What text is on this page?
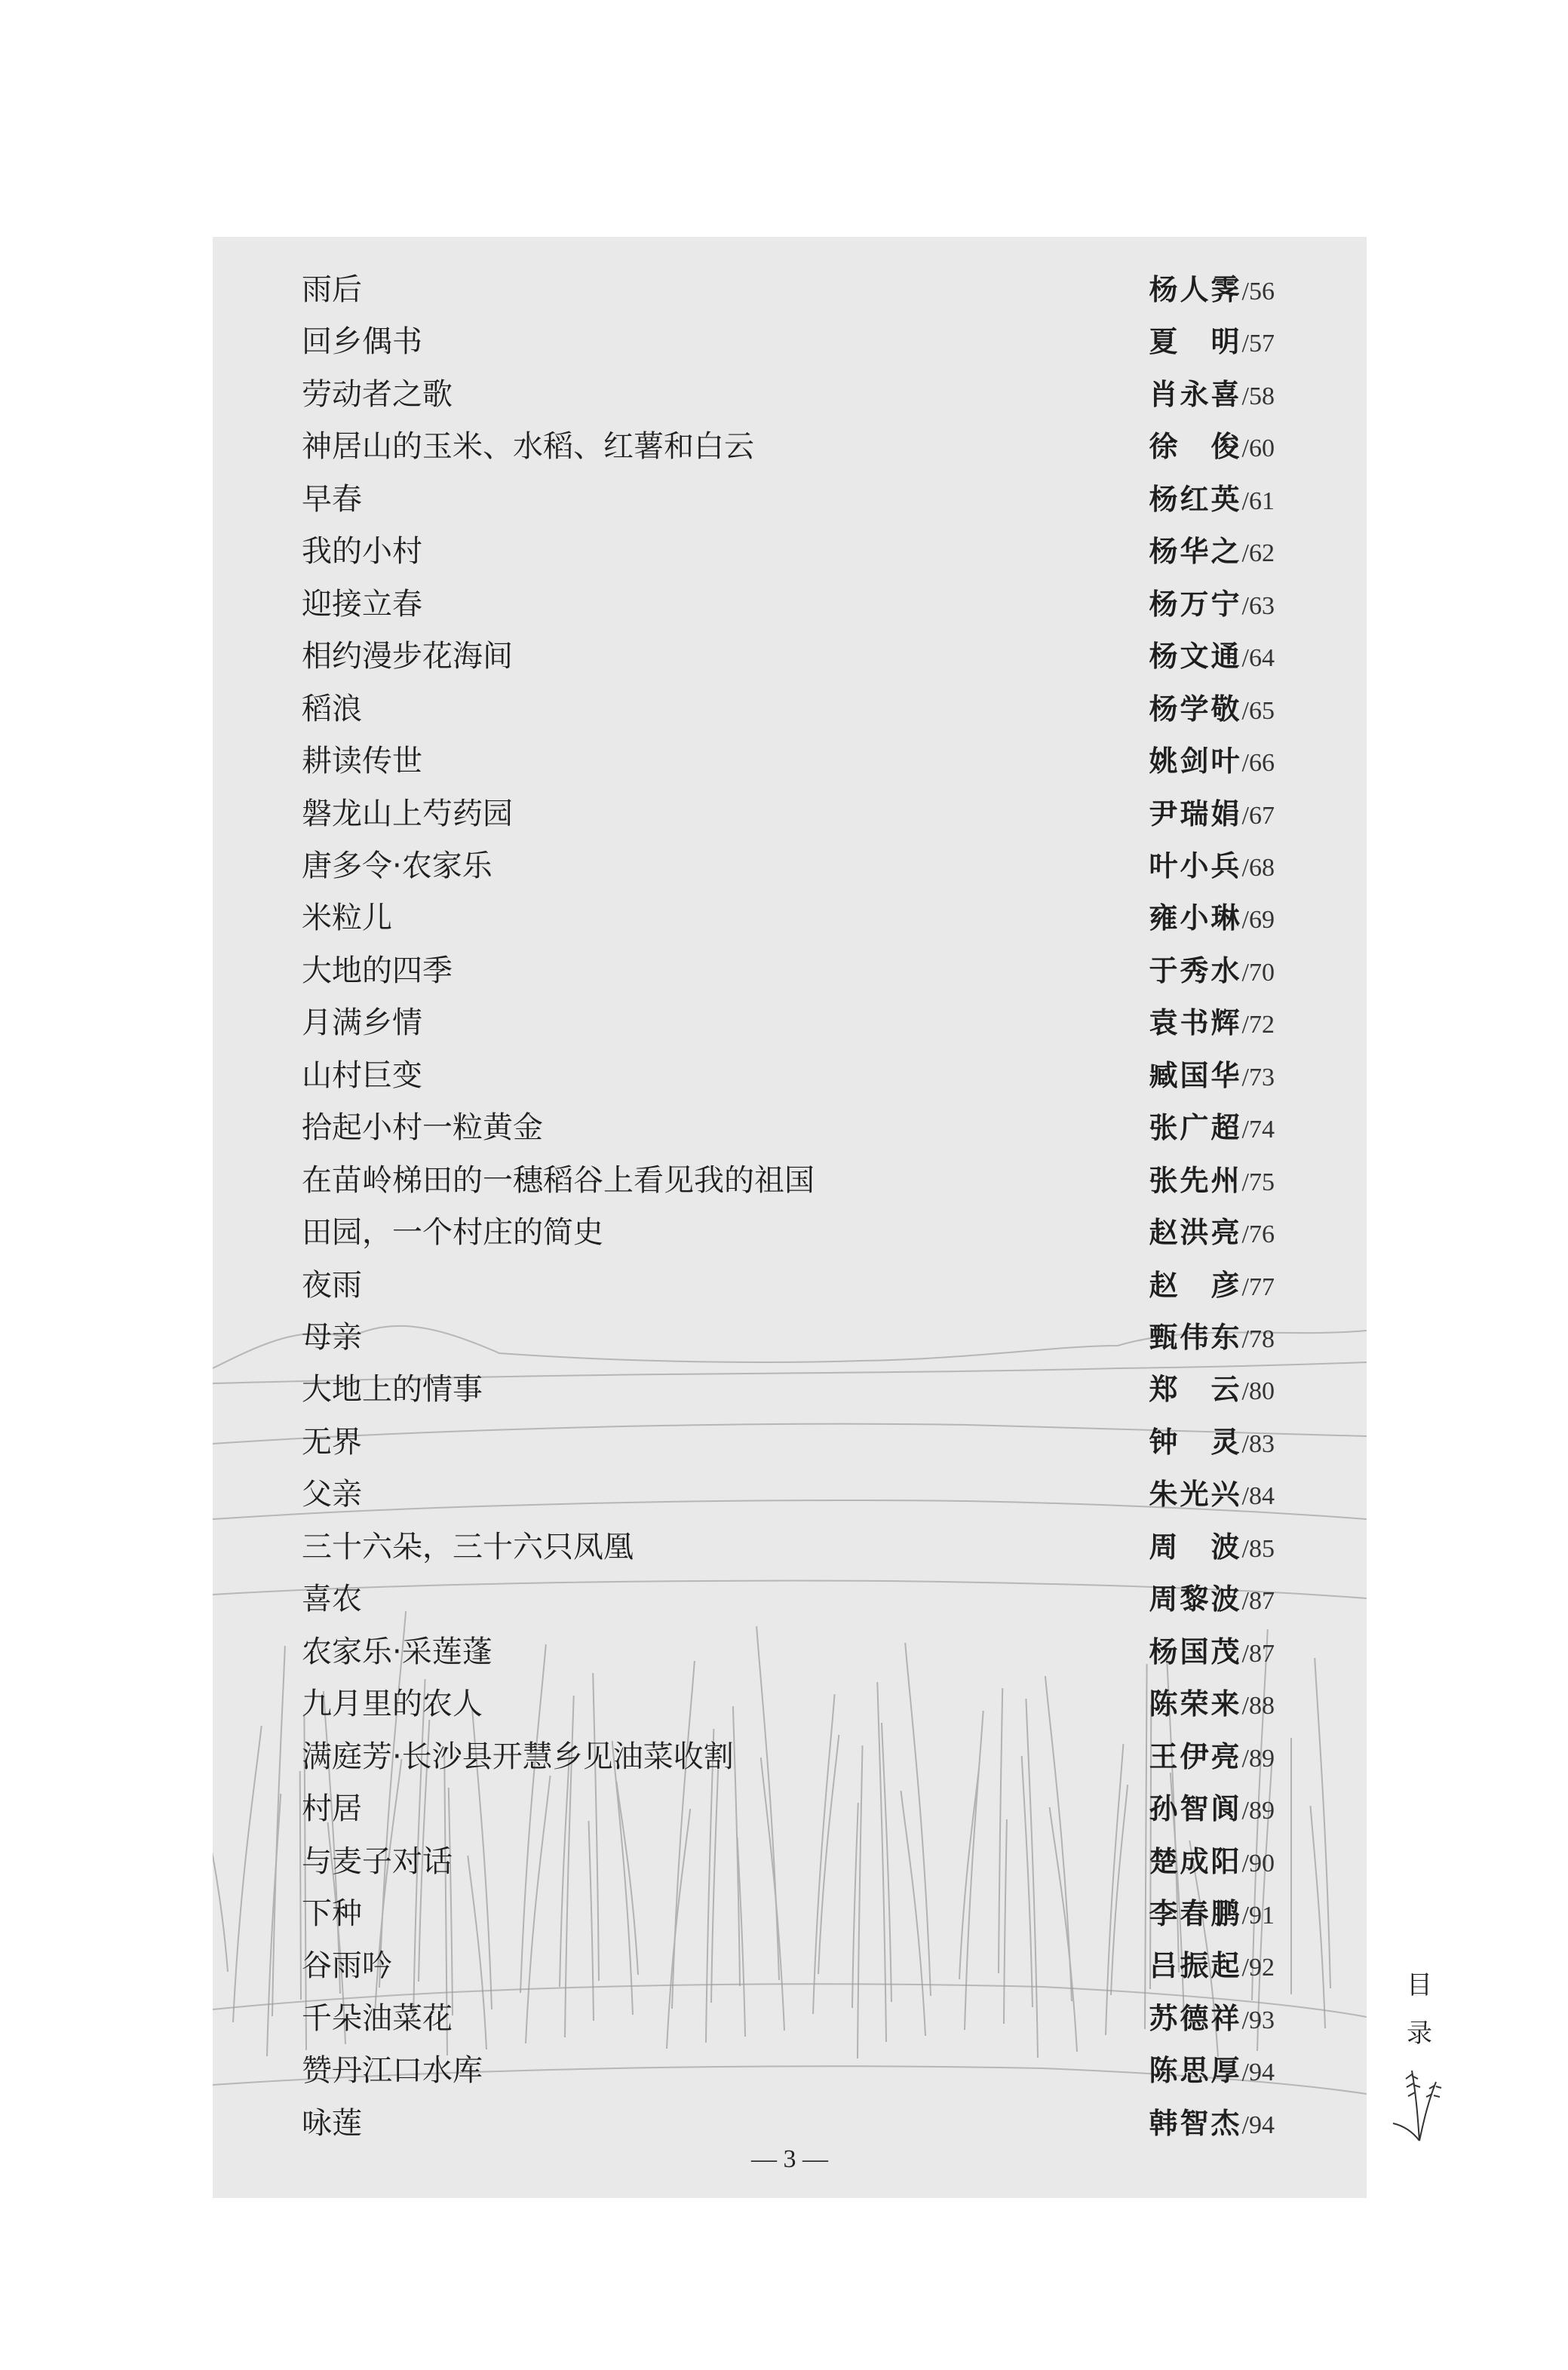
雨后	杨人霁/56
回乡偶书	夏　明/57
劳动者之歌	肖永喜/58
神居山的玉米、水稻、红薯和白云	徐　俊/60
早春	杨红英/61
我的小村	杨华之/62
迎接立春	杨万宁/63
相约漫步花海间	杨文通/64
稻浪	杨学敬/65
耕读传世	姚剑叶/66
磐龙山上芍药园	尹瑞娟/67
唐多令·农家乐	叶小兵/68
米粒儿	雍小琳/69
大地的四季	于秀水/70
月满乡情	袁书辉/72
山村巨变	臧国华/73
拾起小村一粒黄金	张广超/74
在苗岭梯田的一穗稻谷上看见我的祖国	张先州/75
田园，一个村庄的简史	赵洪亮/76
夜雨	赵　彦/77
母亲	甄伟东/78
大地上的情事	郑　云/80
无界	钟　灵/83
父亲	朱光兴/84
三十六朵，三十六只凤凰	周　波/85
喜农	周黎波/87
农家乐·采莲蓬	杨国茂/87
九月里的农人	陈荣来/88
满庭芳·长沙县开慧乡见油菜收割	王伊亮/89
村居	孙智阆/89
与麦子对话	楚成阳/90
下种	李春鹏/91
谷雨吟	吕振起/92
千朵油菜花	苏德祥/93
赞丹江口水库	陈思厚/94
咏莲	韩智杰/94
— 3 —
目
录
